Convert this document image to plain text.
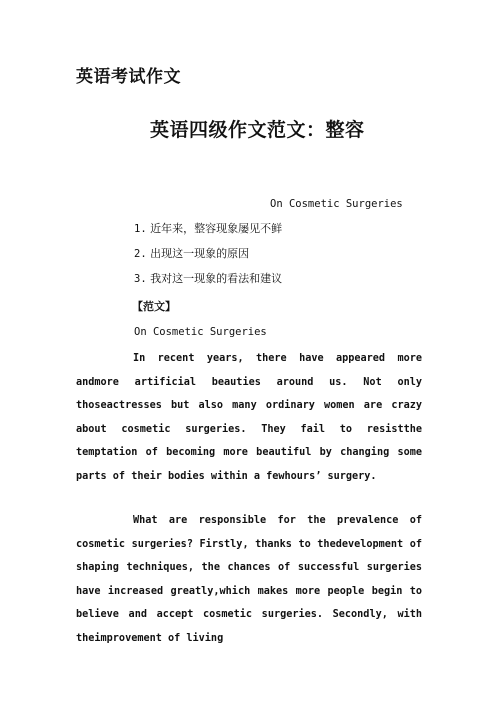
英语考试作文
英语四级作文范文：整容
On Cosmetic Surgeries
1. 近年来，整容现象屡见不鲜
2. 出现这一现象的原因
3. 我对这一现象的看法和建议
【范文】
On Cosmetic Surgeries

In recent years, there have appeared more andmore artificial beauties around us. Not only thoseactresses but also many ordinary women are crazy about cosmetic surgeries. They fail to resistthe temptation of becoming more beautiful by changing some parts of their bodies within a fewhours’ surgery.

What are responsible for the prevalence of cosmetic surgeries? Firstly, thanks to thedevelopment of shaping techniques, the chances of successful surgeries have increased greatly,which makes more people begin to believe and accept cosmetic surgeries. Secondly, with theimprovement of living
